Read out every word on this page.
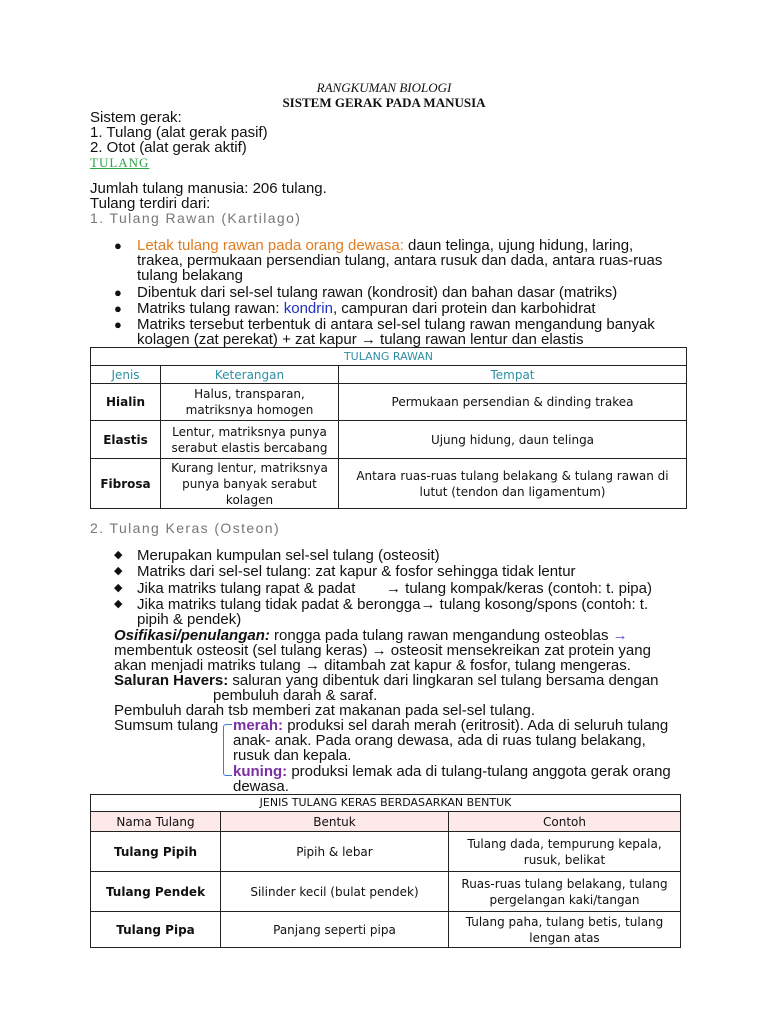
RANGKUMAN BIOLOGI
SISTEM GERAK PADA MANUSIA
Sistem gerak:
1. Tulang (alat gerak pasif)
2. Otot (alat gerak aktif)
TULANG
Jumlah tulang manusia: 206 tulang.
Tulang terdiri dari:
1. Tulang Rawan (Kartilago)
● Letak tulang rawan pada orang dewasa: daun telinga, ujung hidung, laring,
trakea, permukaan persendian tulang, antara rusuk dan dada, antara ruas-ruas
tulang belakang
● Dibentuk dari sel-sel tulang rawan (kondrosit) dan bahan dasar (matriks)
● Matriks tulang rawan: kondrin, campuran dari protein dan karbohidrat
● Matriks tersebut terbentuk di antara sel-sel tulang rawan mengandung banyak
kolagen (zat perekat) + zat kapur → tulang rawan lentur dan elastis
TULANG RAWAN		
Jenis	Keterangan	Tempat
Hialin	Halus, transparan, matriksnya homogen	Permukaan persendian & dinding trakea
Elastis	Lentur, matriksnya punya serabut elastis bercabang	Ujung hidung, daun telinga
Fibrosa	Kurang lentur, matriksnya punya banyak serabut kolagen	Antara ruas-ruas tulang belakang & tulang rawan di lutut (tendon dan ligamentum)
2. Tulang Keras (Osteon)
◆ Merupakan kumpulan sel-sel tulang (osteosit)
◆ Matriks dari sel-sel tulang: zat kapur & fosfor sehingga tidak lentur
◆ Jika matriks tulang rapat & padat → tulang kompak/keras (contoh: t. pipa)
◆ Jika matriks tulang tidak padat & berongga→ tulang kosong/spons (contoh: t.
pipih & pendek)
Osifikasi/penulangan: rongga pada tulang rawan mengandung osteoblas →
membentuk osteosit (sel tulang keras) → osteosit mensekreikan zat protein yang
akan menjadi matriks tulang → ditambah zat kapur & fosfor, tulang mengeras.
Saluran Havers: saluran yang dibentuk dari lingkaran sel tulang bersama dengan
pembuluh darah & saraf.
Pembuluh darah tsb memberi zat makanan pada sel-sel tulang.
Sumsum tulang merah: produksi sel darah merah (eritrosit). Ada di seluruh tulang
anak- anak. Pada orang dewasa, ada di ruas tulang belakang,
rusuk dan kepala.
kuning: produksi lemak ada di tulang-tulang anggota gerak orang
dewasa.
JENIS TULANG KERAS BERDASARKAN BENTUK		
Nama Tulang	Bentuk	Contoh
Tulang Pipih	Pipih & lebar	Tulang dada, tempurung kepala, rusuk, belikat
Tulang Pendek	Silinder kecil (bulat pendek)	Ruas-ruas tulang belakang, tulang pergelangan kaki/tangan
Tulang Pipa	Panjang seperti pipa	Tulang paha, tulang betis, tulang lengan atas
